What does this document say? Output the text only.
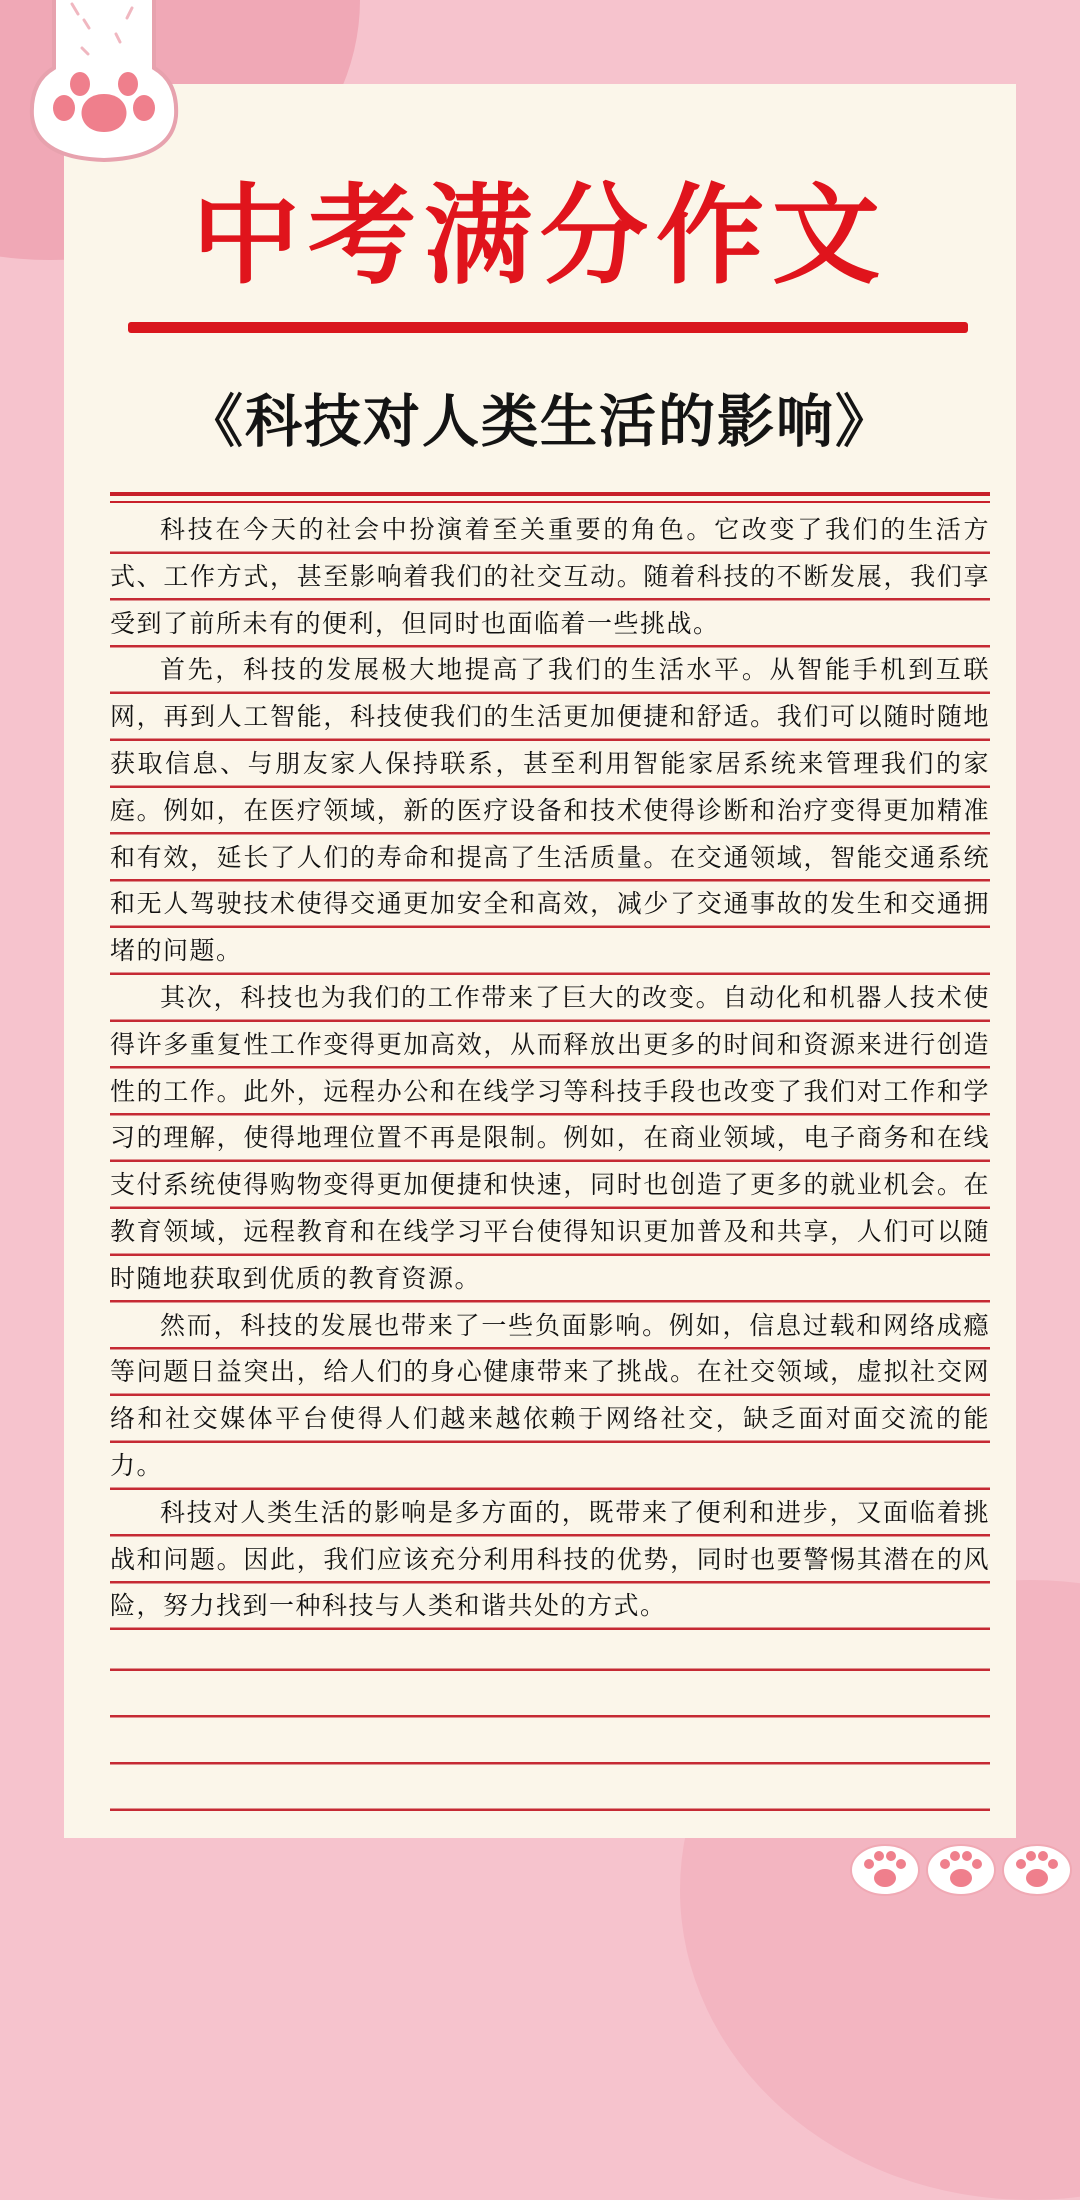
中考满分作文
《科技对人类生活的影响》

科技在今天的社会中扮演着至关重要的角色。它改变了我们的生活方式、工作方式，甚至影响着我们的社交互动。随着科技的不断发展，我们享受到了前所未有的便利，但同时也面临着一些挑战。

首先，科技的发展极大地提高了我们的生活水平。从智能手机到互联网，再到人工智能，科技使我们的生活更加便捷和舒适。我们可以随时随地获取信息、与朋友家人保持联系，甚至利用智能家居系统来管理我们的家庭。例如，在医疗领域，新的医疗设备和技术使得诊断和治疗变得更加精准和有效，延长了人们的寿命和提高了生活质量。在交通领域，智能交通系统和无人驾驶技术使得交通更加安全和高效，减少了交通事故的发生和交通拥堵的问题。

其次，科技也为我们的工作带来了巨大的改变。自动化和机器人技术使得许多重复性工作变得更加高效，从而释放出更多的时间和资源来进行创造性的工作。此外，远程办公和在线学习等科技手段也改变了我们对工作和学习的理解，使得地理位置不再是限制。例如，在商业领域，电子商务和在线支付系统使得购物变得更加便捷和快速，同时也创造了更多的就业机会。在教育领域，远程教育和在线学习平台使得知识更加普及和共享，人们可以随时随地获取到优质的教育资源。

然而，科技的发展也带来了一些负面影响。例如，信息过载和网络成瘾等问题日益突出，给人们的身心健康带来了挑战。在社交领域，虚拟社交网络和社交媒体平台使得人们越来越依赖于网络社交，缺乏面对面交流的能力。

科技对人类生活的影响是多方面的，既带来了便利和进步，又面临着挑战和问题。因此，我们应该充分利用科技的优势，同时也要警惕其潜在的风险，努力找到一种科技与人类和谐共处的方式。
